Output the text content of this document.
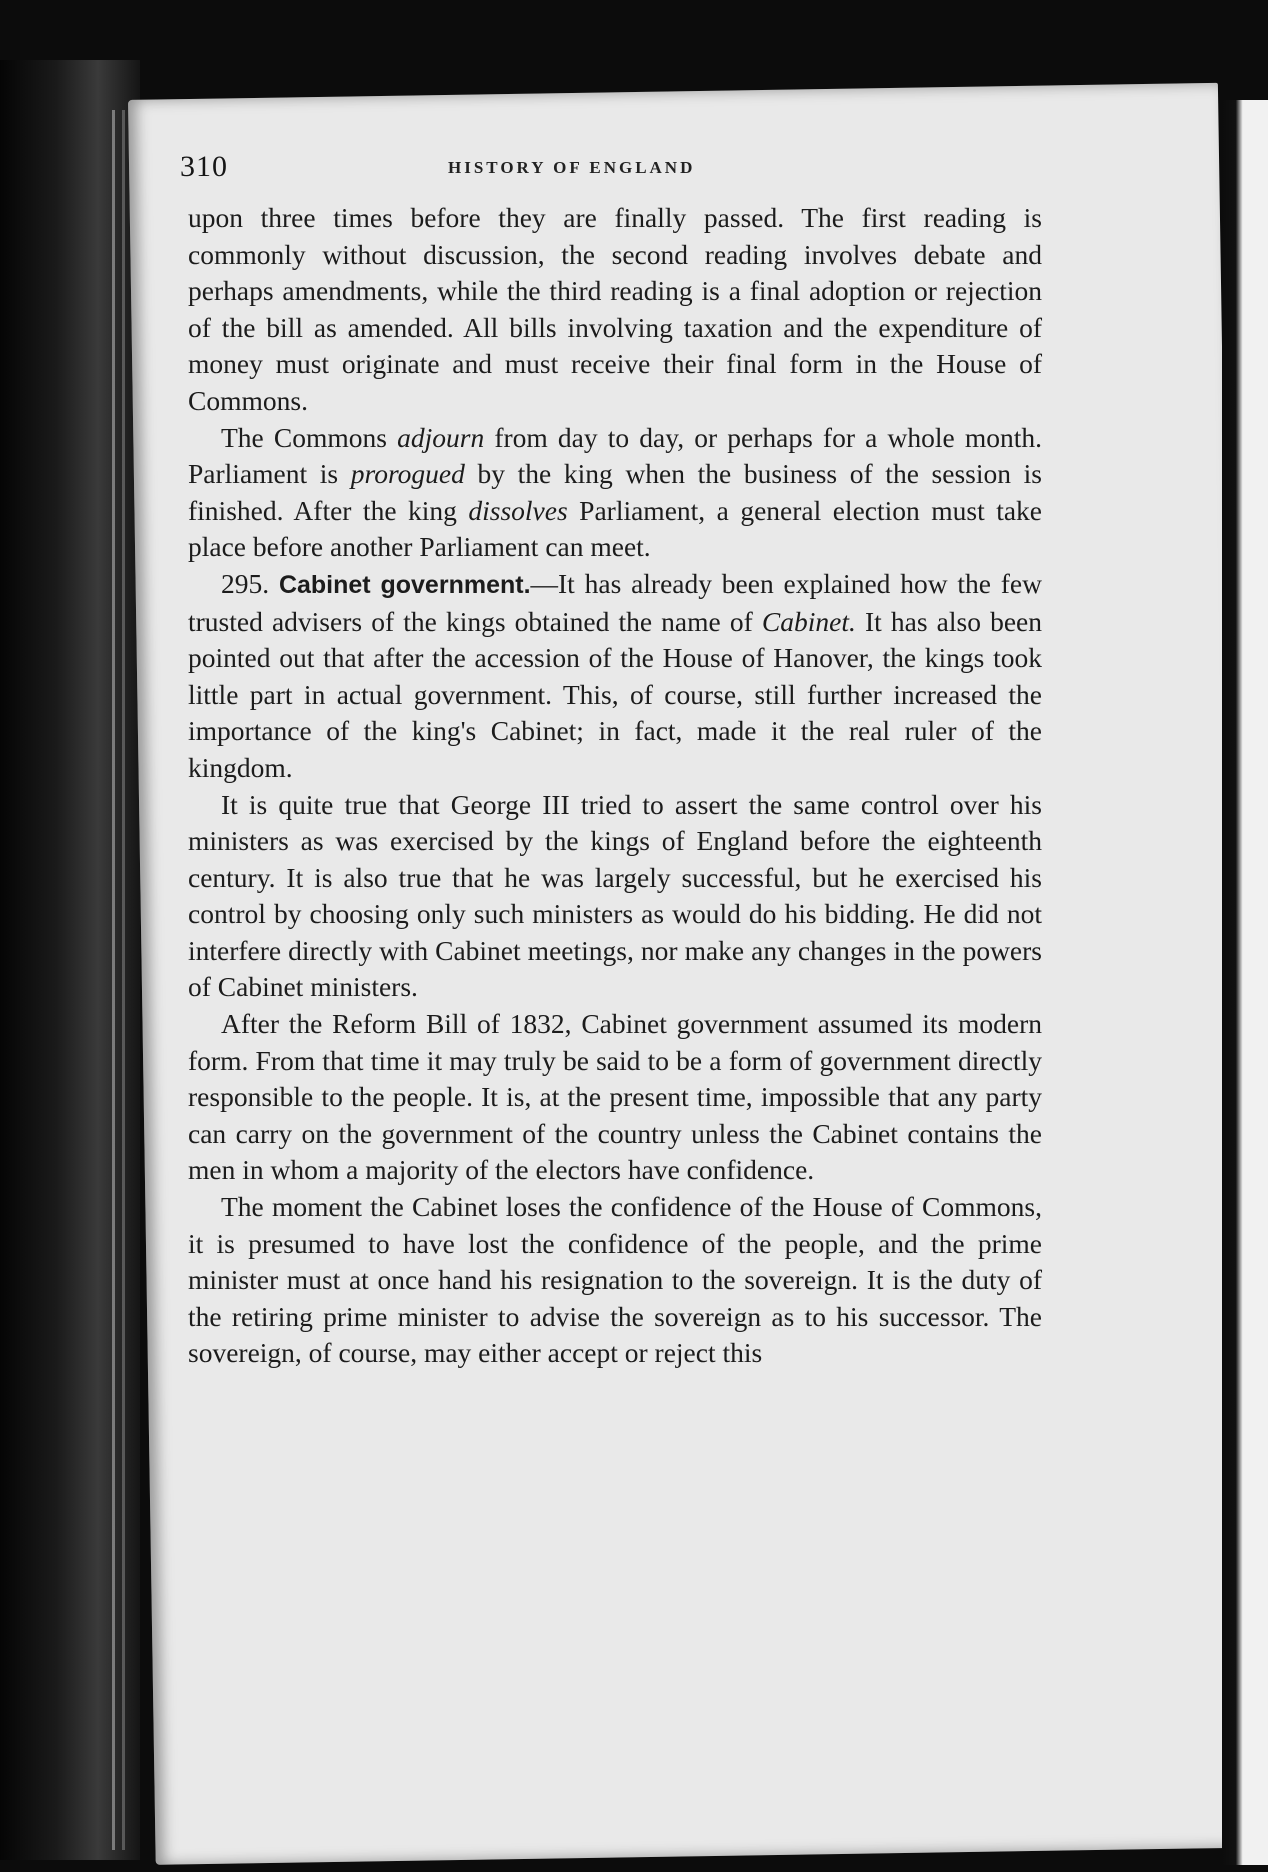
310	HISTORY OF ENGLAND

upon three times before they are finally passed. The first reading is commonly without discussion, the second reading involves debate and perhaps amendments, while the third reading is a final adoption or rejection of the bill as amended. All bills involving taxation and the expenditure of money must originate and must receive their final form in the House of Commons.

The Commons adjourn from day to day, or perhaps for a whole month. Parliament is prorogued by the king when the business of the session is finished. After the king dissolves Parliament, a general election must take place before another Parliament can meet.

295. Cabinet government.—It has already been explained how the few trusted advisers of the kings obtained the name of Cabinet. It has also been pointed out that after the accession of the House of Hanover, the kings took little part in actual government. This, of course, still further increased the importance of the king's Cabinet; in fact, made it the real ruler of the kingdom.

It is quite true that George III tried to assert the same control over his ministers as was exercised by the kings of England before the eighteenth century. It is also true that he was largely successful, but he exercised his control by choosing only such ministers as would do his bidding. He did not interfere directly with Cabinet meetings, nor make any changes in the powers of Cabinet ministers.

After the Reform Bill of 1832, Cabinet government assumed its modern form. From that time it may truly be said to be a form of government directly responsible to the people. It is, at the present time, impossible that any party can carry on the government of the country unless the Cabinet contains the men in whom a majority of the electors have confidence.

The moment the Cabinet loses the confidence of the House of Commons, it is presumed to have lost the confidence of the people, and the prime minister must at once hand his resignation to the sovereign. It is the duty of the retiring prime minister to advise the sovereign as to his successor. The sovereign, of course, may either accept or reject this
